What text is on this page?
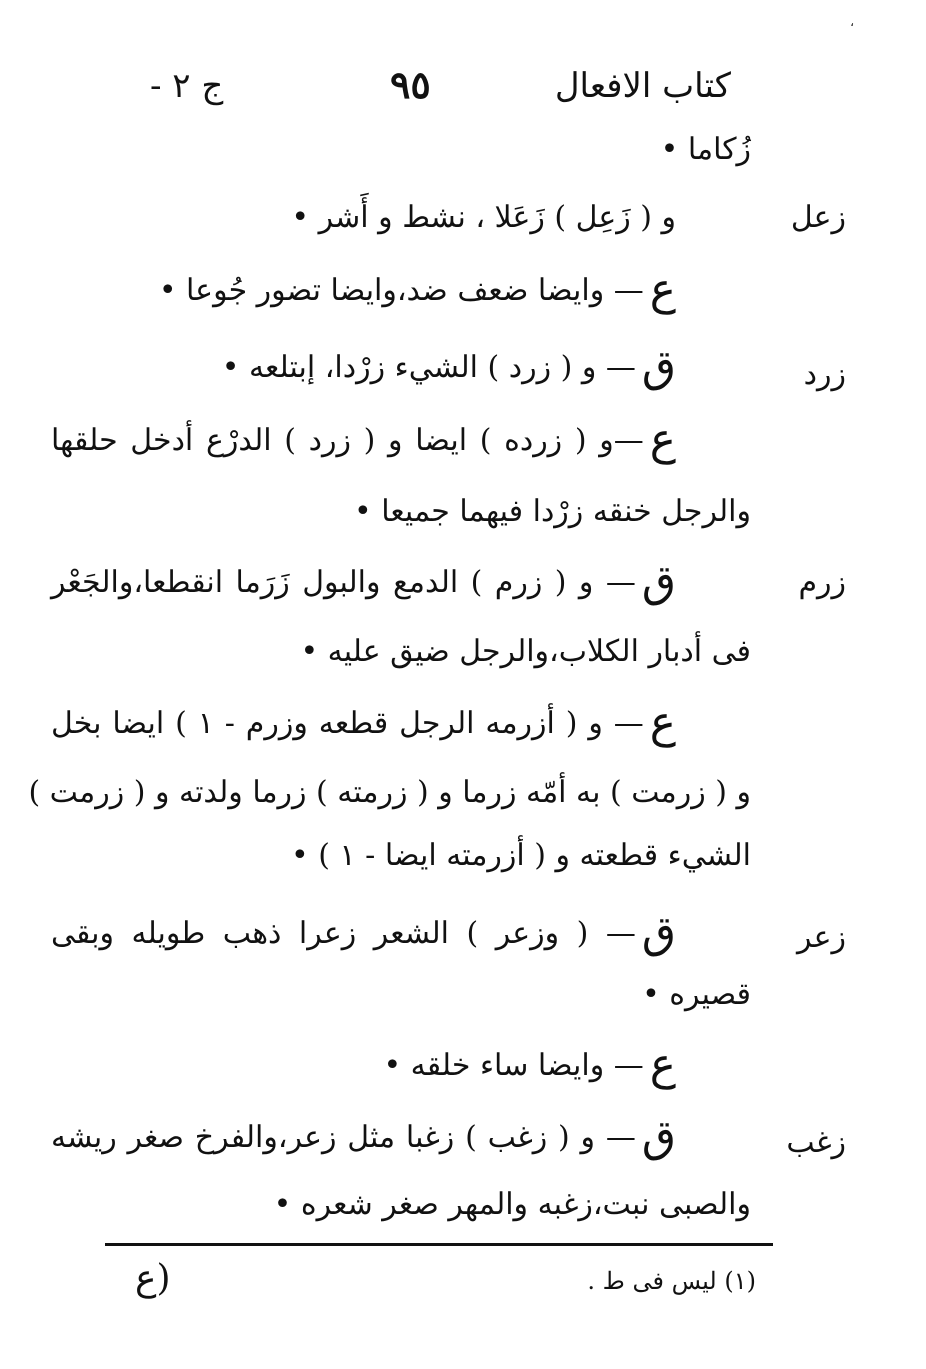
،
كتاب الافعال
٩٥
ج ٢ -
زُكاما •
زعل
و ( زَعِل ) زَعَلا ، نشط و أَشر •
ع— وايضا ضعف ضد،وايضا تضور جُوعا •
زرد
ق— و ( زرد ) الشيء زرْدا، إبتلعه •
ع—و ( زرده ) ايضا و ( زرد ) الدرْع أدخل حلقها
والرجل خنقه زرْدا فيهما جميعا •
زرم
ق— و ( زرم ) الدمع والبول زَرَما انقطعا،والجَعْر
فى أدبار الكلاب،والرجل ضيق عليه •
ع— و ( أزرمه الرجل قطعه وزرم - ١ ) ايضا بخل
و ( زرمت ) به أمّه زرما و ( زرمته ) زرما ولدته و ( زرمت )
الشيء قطعته و ( أزرمته ايضا - ١ ) •
زعر
ق— ( وزعر ) الشعر زعرا ذهب طويله وبقى
قصيره •
ع— وايضا ساء خلقه •
زغب
ق— و ( زغب ) زغبا مثل زعر،والفرخ صغر ريشه
والصبى نبت،زغبه والمهر صغر شعره •
(١) ليس فى ط .
(ع
